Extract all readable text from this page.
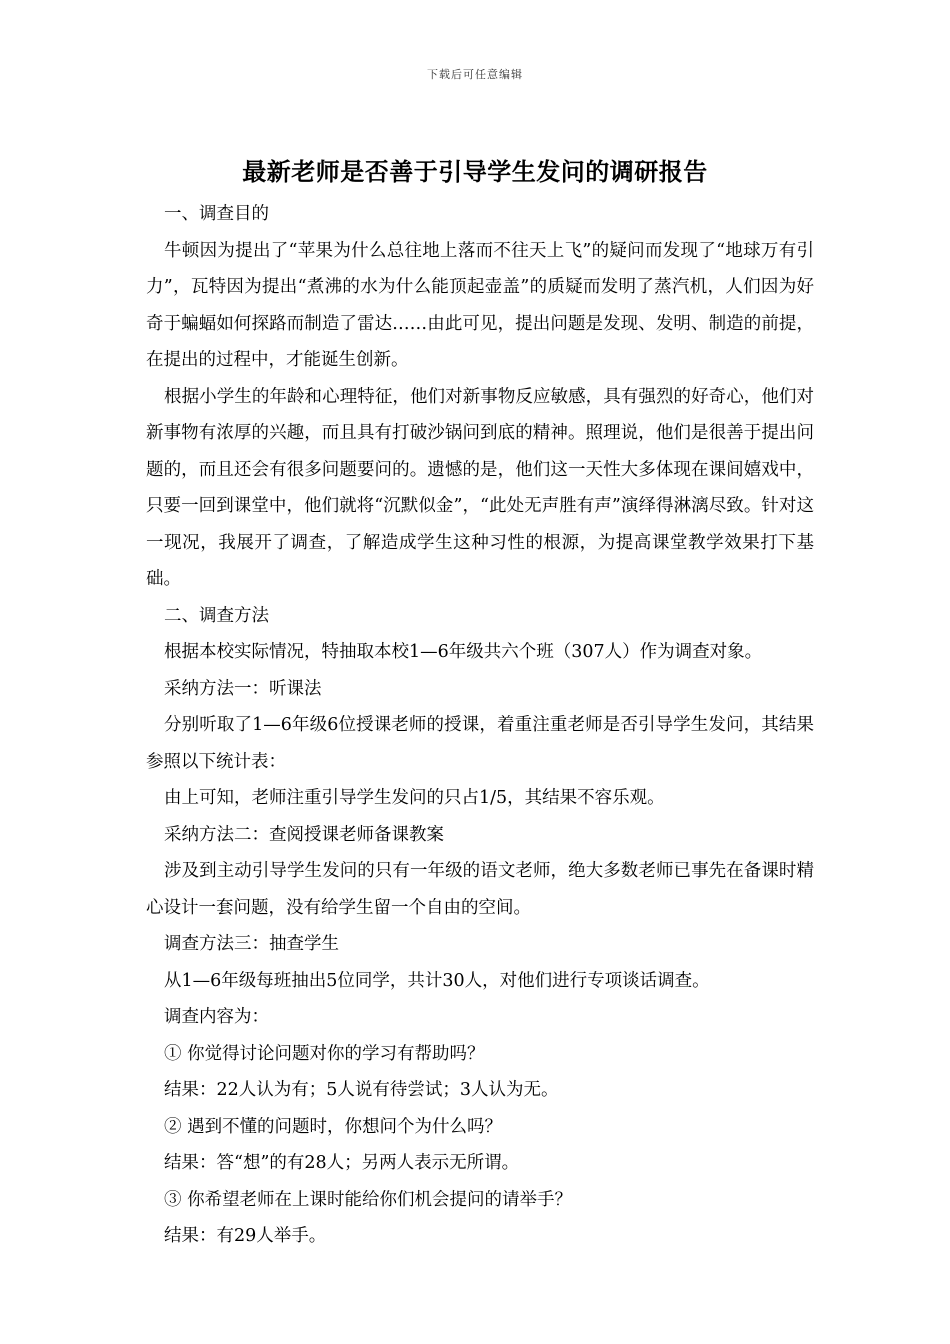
下载后可任意编辑
最新老师是否善于引导学生发问的调研报告

一、调查目的

牛顿因为提出了“苹果为什么总往地上落而不往天上飞”的疑问而发现了“地球万有引力”，瓦特因为提出“煮沸的水为什么能顶起壶盖”的质疑而发明了蒸汽机，人们因为好奇于蝙蝠如何探路而制造了雷达……由此可见，提出问题是发现、发明、制造的前提，在提出的过程中，才能诞生创新。

根据小学生的年龄和心理特征，他们对新事物反应敏感，具有强烈的好奇心，他们对新事物有浓厚的兴趣，而且具有打破沙锅问到底的精神。照理说，他们是很善于提出问题的，而且还会有很多问题要问的。遗憾的是，他们这一天性大多体现在课间嬉戏中，只要一回到课堂中，他们就将“沉默似金”，“此处无声胜有声”演绎得淋漓尽致。针对这一现况，我展开了调查，了解造成学生这种习性的根源，为提高课堂教学效果打下基础。

二、调查方法

根据本校实际情况，特抽取本校1—6年级共六个班（307人）作为调查对象。

采纳方法一：听课法

分别听取了1—6年级6位授课老师的授课，着重注重老师是否引导学生发问，其结果参照以下统计表：

由上可知，老师注重引导学生发问的只占1/5，其结果不容乐观。

采纳方法二：查阅授课老师备课教案

涉及到主动引导学生发问的只有一年级的语文老师，绝大多数老师已事先在备课时精心设计一套问题，没有给学生留一个自由的空间。

调查方法三：抽查学生

从1—6年级每班抽出5位同学，共计30人，对他们进行专项谈话调查。

调查内容为：

① 你觉得讨论问题对你的学习有帮助吗？

结果：22人认为有；5人说有待尝试；3人认为无。

② 遇到不懂的问题时，你想问个为什么吗？

结果：答“想”的有28人；另两人表示无所谓。

③ 你希望老师在上课时能给你们机会提问的请举手？

结果：有29人举手。
